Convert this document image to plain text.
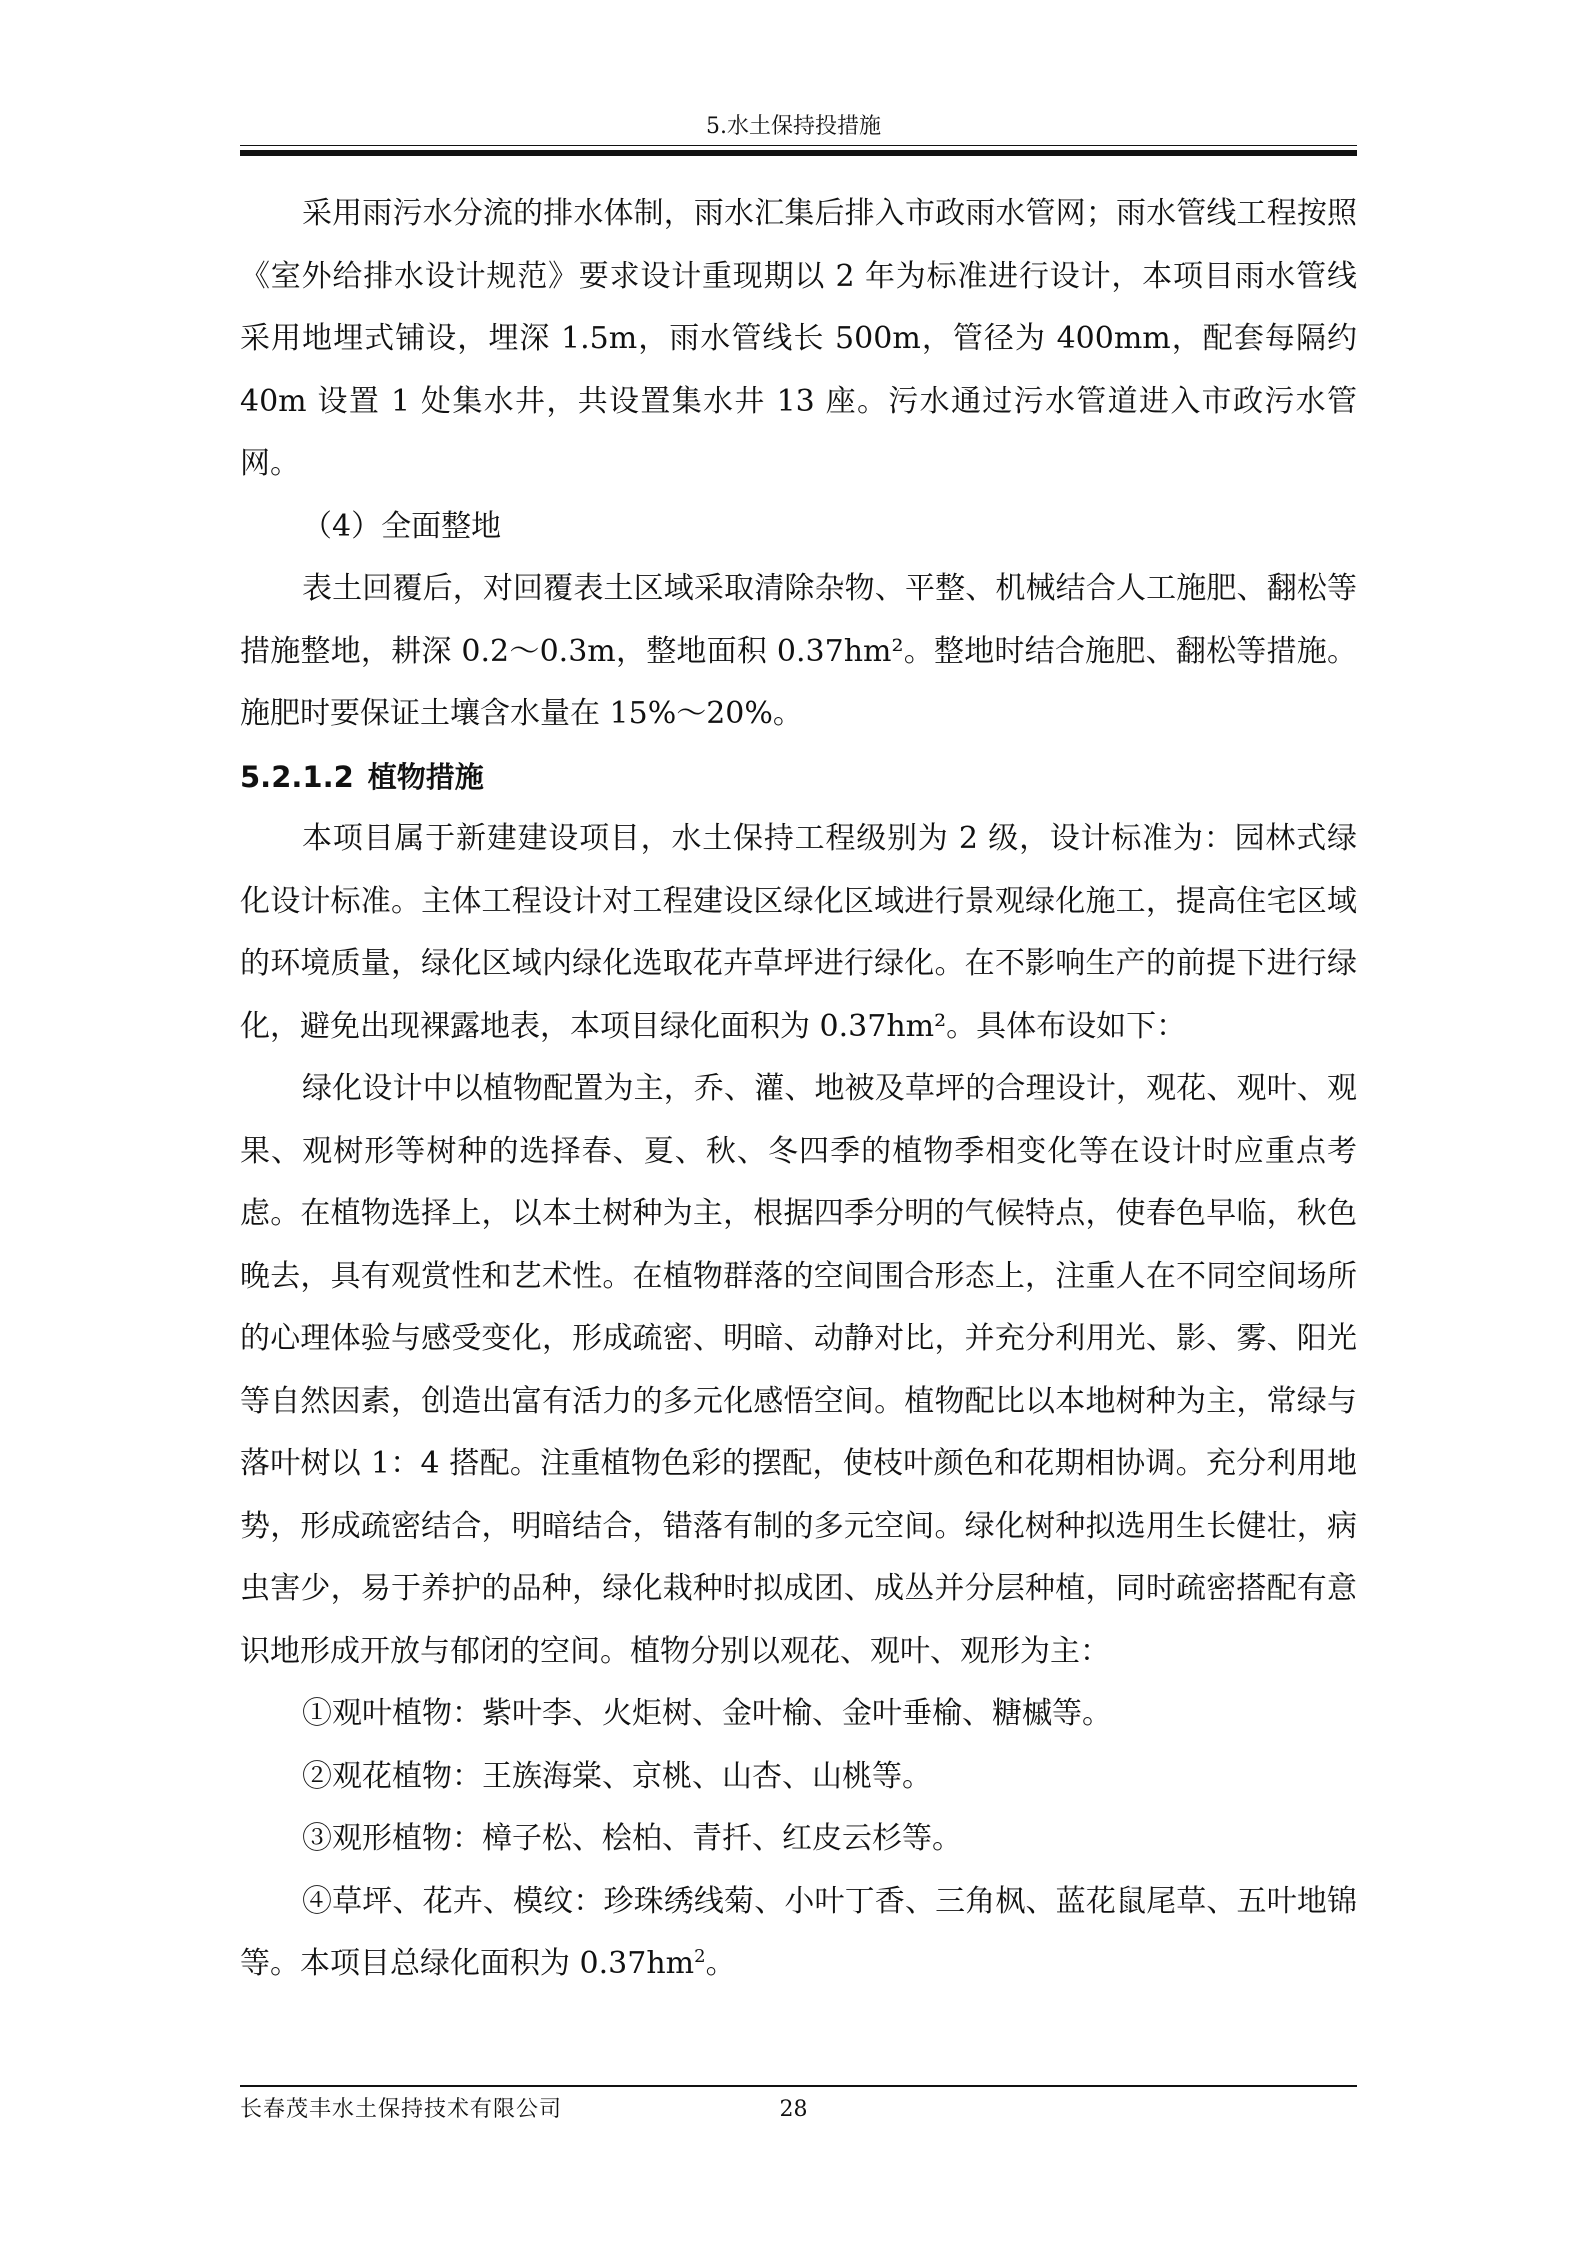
5.水土保持投措施

采用雨污水分流的排水体制，雨水汇集后排入市政雨水管网；雨水管线工程按照《室外给排水设计规范》要求设计重现期以 2 年为标准进行设计，本项目雨水管线采用地埋式铺设，埋深 1.5m，雨水管线长 500m，管径为 400mm，配套每隔约 40m 设置 1 处集水井，共设置集水井 13 座。污水通过污水管道进入市政污水管网。

（4）全面整地

表土回覆后，对回覆表土区域采取清除杂物、平整、机械结合人工施肥、翻松等措施整地，耕深 0.2～0.3m，整地面积 0.37hm²。整地时结合施肥、翻松等措施。施肥时要保证土壤含水量在 15%～20%。

5.2.1.2 植物措施

本项目属于新建建设项目，水土保持工程级别为 2 级，设计标准为：园林式绿化设计标准。主体工程设计对工程建设区绿化区域进行景观绿化施工，提高住宅区域的环境质量，绿化区域内绿化选取花卉草坪进行绿化。在不影响生产的前提下进行绿化，避免出现裸露地表，本项目绿化面积为 0.37hm²。具体布设如下：

绿化设计中以植物配置为主，乔、灌、地被及草坪的合理设计，观花、观叶、观果、观树形等树种的选择春、夏、秋、冬四季的植物季相变化等在设计时应重点考虑。在植物选择上，以本土树种为主，根据四季分明的气候特点，使春色早临，秋色晚去，具有观赏性和艺术性。在植物群落的空间围合形态上，注重人在不同空间场所的心理体验与感受变化，形成疏密、明暗、动静对比，并充分利用光、影、雾、阳光等自然因素，创造出富有活力的多元化感悟空间。植物配比以本地树种为主，常绿与落叶树以 1：4 搭配。注重植物色彩的摆配，使枝叶颜色和花期相协调。充分利用地势，形成疏密结合，明暗结合，错落有制的多元空间。绿化树种拟选用生长健壮，病虫害少，易于养护的品种，绿化栽种时拟成团、成丛并分层种植，同时疏密搭配有意识地形成开放与郁闭的空间。植物分别以观花、观叶、观形为主：

①观叶植物：紫叶李、火炬树、金叶榆、金叶垂榆、糖槭等。

②观花植物：王族海棠、京桃、山杏、山桃等。

③观形植物：樟子松、桧柏、青扦、红皮云杉等。

④草坪、花卉、模纹：珍珠绣线菊、小叶丁香、三角枫、蓝花鼠尾草、五叶地锦等。本项目总绿化面积为 $0.37hm^2$。

长春茂丰水土保持技术有限公司	28
